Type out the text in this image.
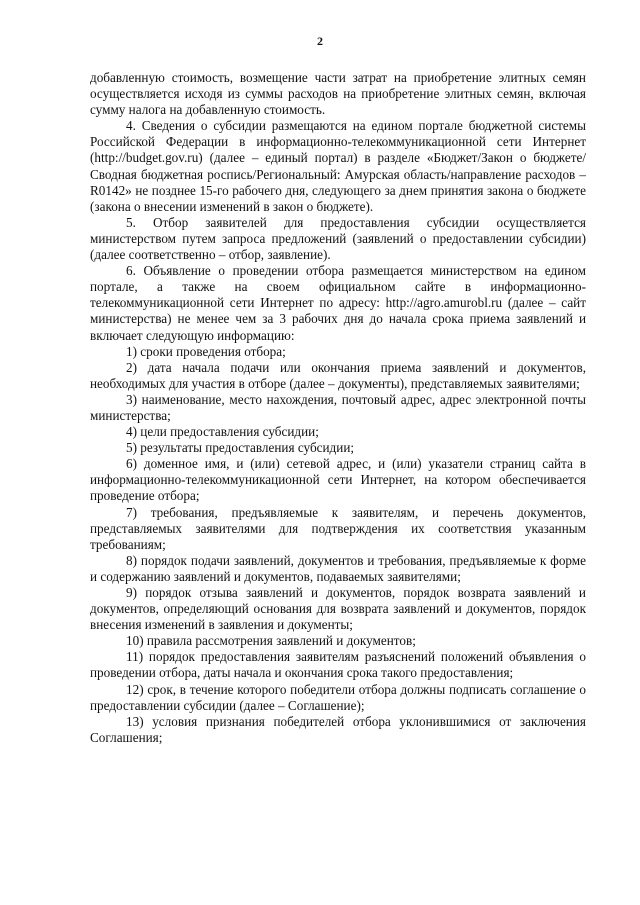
2

добавленную стоимость, возмещение части затрат на приобретение элитных семян осуществляется исходя из суммы расходов на приобретение элитных семян, включая сумму налога на добавленную стоимость.

4. Сведения о субсидии размещаются на едином портале бюджетной системы Российской Федерации в информационно-телекоммуникационной сети Интернет (http://budget.gov.ru) (далее – единый портал) в разделе «Бюджет/Закон о бюджете/Сводная бюджетная роспись/Региональный: Амурская область/направление расходов – R0142» не позднее 15-го рабочего дня, следующего за днем принятия закона о бюджете (закона о внесении изменений в закон о бюджете).

5. Отбор заявителей для предоставления субсидии осуществляется министерством путем запроса предложений (заявлений о предоставлении субсидии) (далее соответственно – отбор, заявление).

6. Объявление о проведении отбора размещается министерством на едином портале, а также на своем официальном сайте в информационно-телекоммуникационной сети Интернет по адресу: http://agro.amurobl.ru (далее – сайт министерства) не менее чем за 3 рабочих дня до начала срока приема заявлений и включает следующую информацию:

1) сроки проведения отбора;

2) дата начала подачи или окончания приема заявлений и документов, необходимых для участия в отборе (далее – документы), представляемых заявителями;

3) наименование, место нахождения, почтовый адрес, адрес электронной почты министерства;

4) цели предоставления субсидии;

5) результаты предоставления субсидии;

6) доменное имя, и (или) сетевой адрес, и (или) указатели страниц сайта в информационно-телекоммуникационной сети Интернет, на котором обеспечивается проведение отбора;

7) требования, предъявляемые к заявителям, и перечень документов, представляемых заявителями для подтверждения их соответствия указанным требованиям;

8) порядок подачи заявлений, документов и требования, предъявляемые к форме и содержанию заявлений и документов, подаваемых заявителями;

9) порядок отзыва заявлений и документов, порядок возврата заявлений и документов, определяющий основания для возврата заявлений и документов, порядок внесения изменений в заявления и документы;

10) правила рассмотрения заявлений и документов;

11) порядок предоставления заявителям разъяснений положений объявления о проведении отбора, даты начала и окончания срока такого предоставления;

12) срок, в течение которого победители отбора должны подписать соглашение о предоставлении субсидии (далее – Соглашение);

13) условия признания победителей отбора уклонившимися от заключения Соглашения;
